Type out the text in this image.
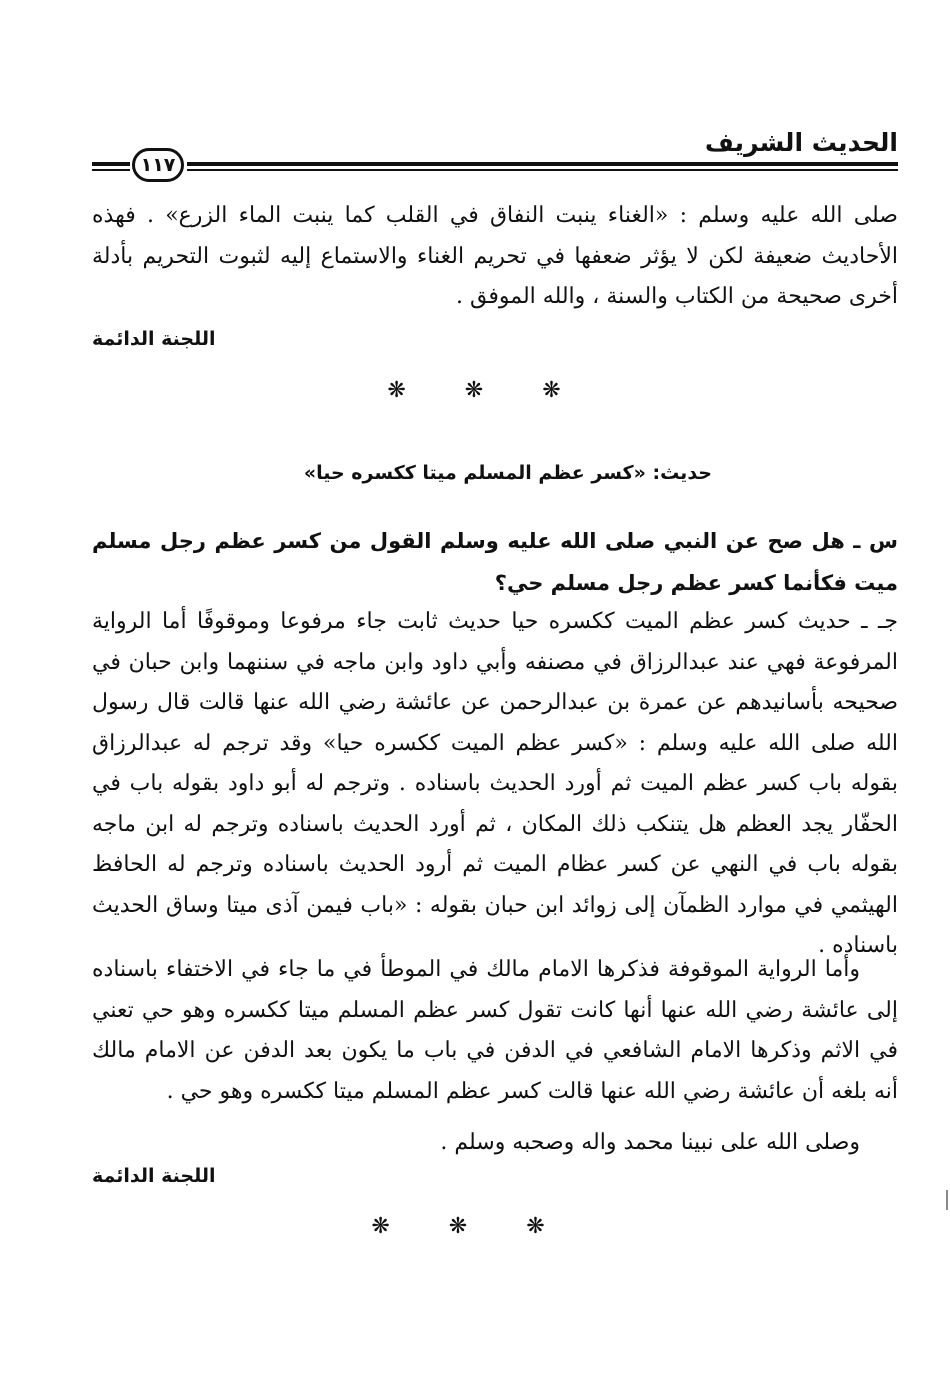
الحديث الشريف
١١٧
صلى الله عليه وسلم : «الغناء ينبت النفاق في القلب كما ينبت الماء الزرع» . فهذه الأحاديث ضعيفة لكن لا يؤثر ضعفها في تحريم الغناء والاستماع إليه لثبوت التحريم بأدلة أخرى صحيحة من الكتاب والسنة ، والله الموفق .
اللجنة الدائمة
❋ ❋ ❋
حديث: «كسر عظم المسلم ميتا ككسره حيا»
س ـ هل صح عن النبي صلى الله عليه وسلم القول من كسر عظم رجل مسلم ميت فكأنما كسر عظم رجل مسلم حي؟
جـ ـ حديث كسر عظم الميت ككسره حيا حديث ثابت جاء مرفوعا وموقوفًا أما الرواية المرفوعة فهي عند عبدالرزاق في مصنفه وأبي داود وابن ماجه في سننهما وابن حبان في صحيحه بأسانيدهم عن عمرة بن عبدالرحمن عن عائشة رضي الله عنها قالت قال رسول الله صلى الله عليه وسلم : «كسر عظم الميت ككسره حيا» وقد ترجم له عبدالرزاق بقوله باب كسر عظم الميت ثم أورد الحديث باسناده . وترجم له أبو داود بقوله باب في الحفّار يجد العظم هل يتنكب ذلك المكان ، ثم أورد الحديث باسناده وترجم له ابن ماجه بقوله باب في النهي عن كسر عظام الميت ثم أرود الحديث باسناده وترجم له الحافظ الهيثمي في موارد الظمآن إلى زوائد ابن حبان بقوله : «باب فيمن آذى ميتا وساق الحديث باسناده .
وأما الرواية الموقوفة فذكرها الامام مالك في الموطأ في ما جاء في الاختفاء باسناده إلى عائشة رضي الله عنها أنها كانت تقول كسر عظم المسلم ميتا ككسره وهو حي تعني في الاثم وذكرها الامام الشافعي في الدفن في باب ما يكون بعد الدفن عن الامام مالك أنه بلغه أن عائشة رضي الله عنها قالت كسر عظم المسلم ميتا ككسره وهو حي .
وصلى الله على نبينا محمد واله وصحبه وسلم .
اللجنة الدائمة
❋ ❋ ❋
